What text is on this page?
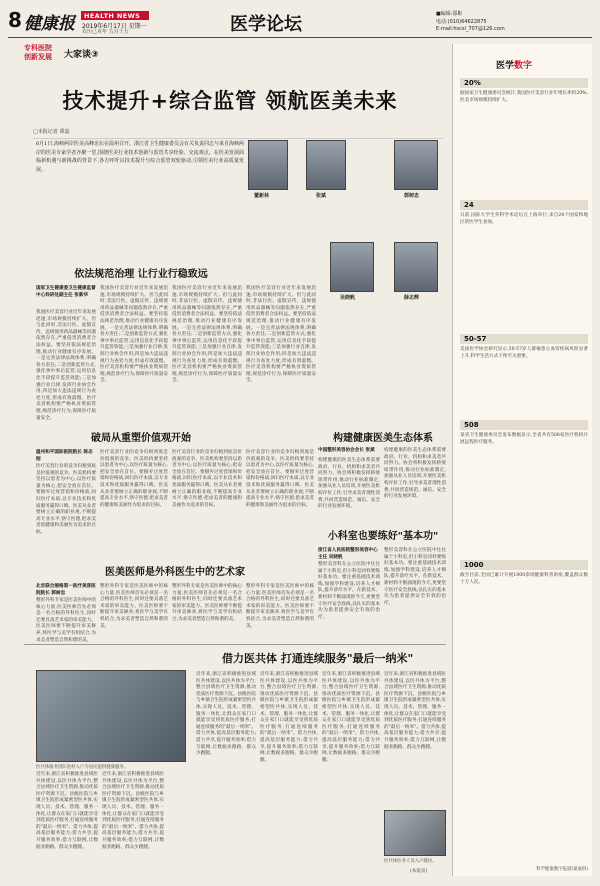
8 健康报 HEALTH NEWS
2019年6月17日 星期一
农历己亥年 五月十五	医学论坛	■编辑:邵彬
电话:(010)64622875
E-mail:hscsl_707@126.com
专科医院
创新发展	大家谈③
技术提升+综合监管 领航医美未来
□本报记者 谭嘉
6月1日,海峡两岸医美高峰论坛在温州召开。浙江省卫生健康委员会有关负责同志与来自海峡两岸的医美专家学者齐聚一堂,围绕医美行业技术创新与监管共享经验、交流观点。在医美发展面临新机遇与新挑战的背景下,各方呼吁以技术提升与综合监管双轮驱动,引领医美行业高质量发展。
董新林	张斌	郭树忠
吴晓帆	薛志辉
依法规范治理 让行业行稳致远
国家卫生健康委卫生健康监督中心科研处副主任 张新华
我国医疗美容行业近年来发展迅速,市场规模持续扩大。但与此同时,非法行医、虚假宣传、违规使用药品器械等问题依然存在,严重侵害消费者合法权益。要坚持依法规范治理,推动行业健康有序发展。一是完善法律法规体系,明确各方责任;二是创新监管方式,强化事中事后监管,运用信息化手段提升监管效能;三是加强行业自律,发挥行业协会作用;四是加大违法违规行为查处力度,形成有效震慑。医疗美容机构要严格执业资质管理,规范诊疗行为,保障医疗质量安全。
我国医疗美容行业近年来发展迅速,市场规模持续扩大。但与此同时,非法行医、虚假宣传、违规使用药品器械等问题依然存在,严重侵害消费者合法权益。要坚持依法规范治理,推动行业健康有序发展。一是完善法律法规体系,明确各方责任;二是创新监管方式,强化事中事后监管,运用信息化手段提升监管效能;三是加强行业自律,发挥行业协会作用;四是加大违法违规行为查处力度,形成有效震慑。医疗美容机构要严格执业资质管理,规范诊疗行为,保障医疗质量安全。
我国医疗美容行业近年来发展迅速,市场规模持续扩大。但与此同时,非法行医、虚假宣传、违规使用药品器械等问题依然存在,严重侵害消费者合法权益。要坚持依法规范治理,推动行业健康有序发展。一是完善法律法规体系,明确各方责任;二是创新监管方式,强化事中事后监管,运用信息化手段提升监管效能;三是加强行业自律,发挥行业协会作用;四是加大违法违规行为查处力度,形成有效震慑。医疗美容机构要严格执业资质管理,规范诊疗行为,保障医疗质量安全。
我国医疗美容行业近年来发展迅速,市场规模持续扩大。但与此同时,非法行医、虚假宣传、违规使用药品器械等问题依然存在,严重侵害消费者合法权益。要坚持依法规范治理,推动行业健康有序发展。一是完善法律法规体系,明确各方责任;二是创新监管方式,强化事中事后监管,运用信息化手段提升监管效能;三是加强行业自律,发挥行业协会作用;四是加大违法违规行为查处力度,形成有效震慑。医疗美容机构要严格执业资质管理,规范诊疗行为,保障医疗质量安全。
构建健康医美生态体系
中国整形美容协会会长 张斌
构建健康的医美生态体系需要政府、行业、机构和求美者共同努力。协会将积极发挥桥梁纽带作用,推动行业标准制定,加强从业人员培训,开展医美机构评价工作,引导求美者理性消费,共同营造规范、诚信、安全的行业发展环境。
构建健康的医美生态体系需要政府、行业、机构和求美者共同努力。协会将积极发挥桥梁纽带作用,推动行业标准制定,加强从业人员培训,开展医美机构评价工作,引导求美者理性消费,共同营造规范、诚信、安全的行业发展环境。
破局从重塑价值观开始
温州和平国际医院院长 陈志刚
医疗美容行业的竞争归根到底是价值观的竞争。医美机构要坚持以患者为中心,以医疗质量为核心,把安全放在首位。要摒弃过度营销和价格战,回归医疗本质,以专业技术和优质服务赢得口碑。医美从业者要树立正确的职业观,不断提高专业水平,恪守医德,把求美者的健康和美丽作为追求的目标。
医疗美容行业的竞争归根到底是价值观的竞争。医美机构要坚持以患者为中心,以医疗质量为核心,把安全放在首位。要摒弃过度营销和价格战,回归医疗本质,以专业技术和优质服务赢得口碑。医美从业者要树立正确的职业观,不断提高专业水平,恪守医德,把求美者的健康和美丽作为追求的目标。
医疗美容行业的竞争归根到底是价值观的竞争。医美机构要坚持以患者为中心,以医疗质量为核心,把安全放在首位。要摒弃过度营销和价格战,回归医疗本质,以专业技术和优质服务赢得口碑。医美从业者要树立正确的职业观,不断提高专业水平,恪守医德,把求美者的健康和美丽作为追求的目标。
医疗美容行业的竞争归根到底是价值观的竞争。医美机构要坚持以患者为中心,以医疗质量为核心,把安全放在首位。要摒弃过度营销和价格战,回归医疗本质,以专业技术和优质服务赢得口碑。医美从业者要树立正确的职业观,不断提高专业水平,恪守医德,把求美者的健康和美丽作为追求的目标。
小科室也要练好"基本功"
浙江省人民医院整形美容中心主任 吴晓帆
整形美容科在公立医院中往往属于小科室,但小科室同样要练好基本功。要注重基础技术训练,加强学科建设,培养人才梯队,提升诊疗水平。在新技术、新材料不断涌现的今天,更要坚守医疗安全底线,以扎实的基本功为患者提供安全有效的治疗。
整形美容科在公立医院中往往属于小科室,但小科室同样要练好基本功。要注重基础技术训练,加强学科建设,培养人才梯队,提升诊疗水平。在新技术、新材料不断涌现的今天,更要坚守医疗安全底线,以扎实的基本功为患者提供安全有效的治疗。
医美医师是外科医生中的艺术家
北京联合丽格第一医疗美容医院院长 郭树忠
整形外科专家是医美医师中的核心力量,医美医师首先必须是一名合格的外科医生,同时还要具备艺术家的审美能力。医美医师要不断提升审美修养,将医学与美学有机结合,为求美者塑造自然和谐的美。
整形外科专家是医美医师中的核心力量,医美医师首先必须是一名合格的外科医生,同时还要具备艺术家的审美能力。医美医师要不断提升审美修养,将医学与美学有机结合,为求美者塑造自然和谐的美。
整形外科专家是医美医师中的核心力量,医美医师首先必须是一名合格的外科医生,同时还要具备艺术家的审美能力。医美医师要不断提升审美修养,将医学与美学有机结合,为求美者塑造自然和谐的美。
整形外科专家是医美医师中的核心力量,医美医师首先必须是一名合格的外科医生,同时还要具备艺术家的审美能力。医美医师要不断提升审美修养,将医学与美学有机结合,为求美者塑造自然和谐的美。
借力医共体 打通连续服务"最后一纳米"
医共体服务团队进村入户为居民提供健康服务。
近年来,浙江省积极推进县域医共体建设,以医共体为平台,整合县域医疗卫生资源,推动优质医疗资源下沉。县级医院与乡镇卫生院形成紧密型医共体,实现人员、技术、管理、服务一体化,让群众在家门口就能享受到优质医疗服务,打通连续服务的"最后一纳米"。借力共体,提高基层服务能力;借力共享,提升服务效率;借力互联网,让数据多跑路、群众少跑腿。
近年来,浙江省积极推进县域医共体建设,以医共体为平台,整合县域医疗卫生资源,推动优质医疗资源下沉。县级医院与乡镇卫生院形成紧密型医共体,实现人员、技术、管理、服务一体化,让群众在家门口就能享受到优质医疗服务,打通连续服务的"最后一纳米"。借力共体,提高基层服务能力;借力共享,提升服务效率;借力互联网,让数据多跑路、群众少跑腿。
近年来,浙江省积极推进县域医共体建设,以医共体为平台,整合县域医疗卫生资源,推动优质医疗资源下沉。县级医院与乡镇卫生院形成紧密型医共体,实现人员、技术、管理、服务一体化,让群众在家门口就能享受到优质医疗服务,打通连续服务的"最后一纳米"。借力共体,提高基层服务能力;借力共享,提升服务效率;借力互联网,让数据多跑路、群众少跑腿。
近年来,浙江省积极推进县域医共体建设,以医共体为平台,整合县域医疗卫生资源,推动优质医疗资源下沉。县级医院与乡镇卫生院形成紧密型医共体,实现人员、技术、管理、服务一体化,让群众在家门口就能享受到优质医疗服务,打通连续服务的"最后一纳米"。借力共体,提高基层服务能力;借力共享,提升服务效率;借力互联网,让数据多跑路、群众少跑腿。
近年来,浙江省积极推进县域医共体建设,以医共体为平台,整合县域医疗卫生资源,推动优质医疗资源下沉。县级医院与乡镇卫生院形成紧密型医共体,实现人员、技术、管理、服务一体化,让群众在家门口就能享受到优质医疗服务,打通连续服务的"最后一纳米"。借力共体,提高基层服务能力;借力共享,提升服务效率;借力互联网,让数据多跑路、群众少跑腿。
近年来,浙江省积极推进县域医共体建设,以医共体为平台,整合县域医疗卫生资源,推动优质医疗资源下沉。县级医院与乡镇卫生院形成紧密型医共体,实现人员、技术、管理、服务一体化,让群众在家门口就能享受到优质医疗服务,打通连续服务的"最后一纳米"。借力共体,提高基层服务能力;借力共享,提升服务效率;借力互联网,让数据多跑路、群众少跑腿。
医共体医务人员入户随访。
(本报讯)
医学数字
20%
据国家卫生健康委员会统计,我国医疗美容行业年增长率约20%,医美市场规模持续扩大。
24
日前,国际大学生外科学术论坛在上海举行,来自24个国家和地区的医学生参加。
50-57
美国医学协会研究显示,50-57岁人群罹患心血管疾病风险显著上升,科学生活方式干预至关重要。
508
某省卫生健康委员会发布数据显示,全省共有508家医疗机构开展远程医疗服务。
1000
截至目前,全国已累计开展1000余场健康科普讲座,覆盖群众数十万人次。
科学健康数字报道(嘉嘉供)
